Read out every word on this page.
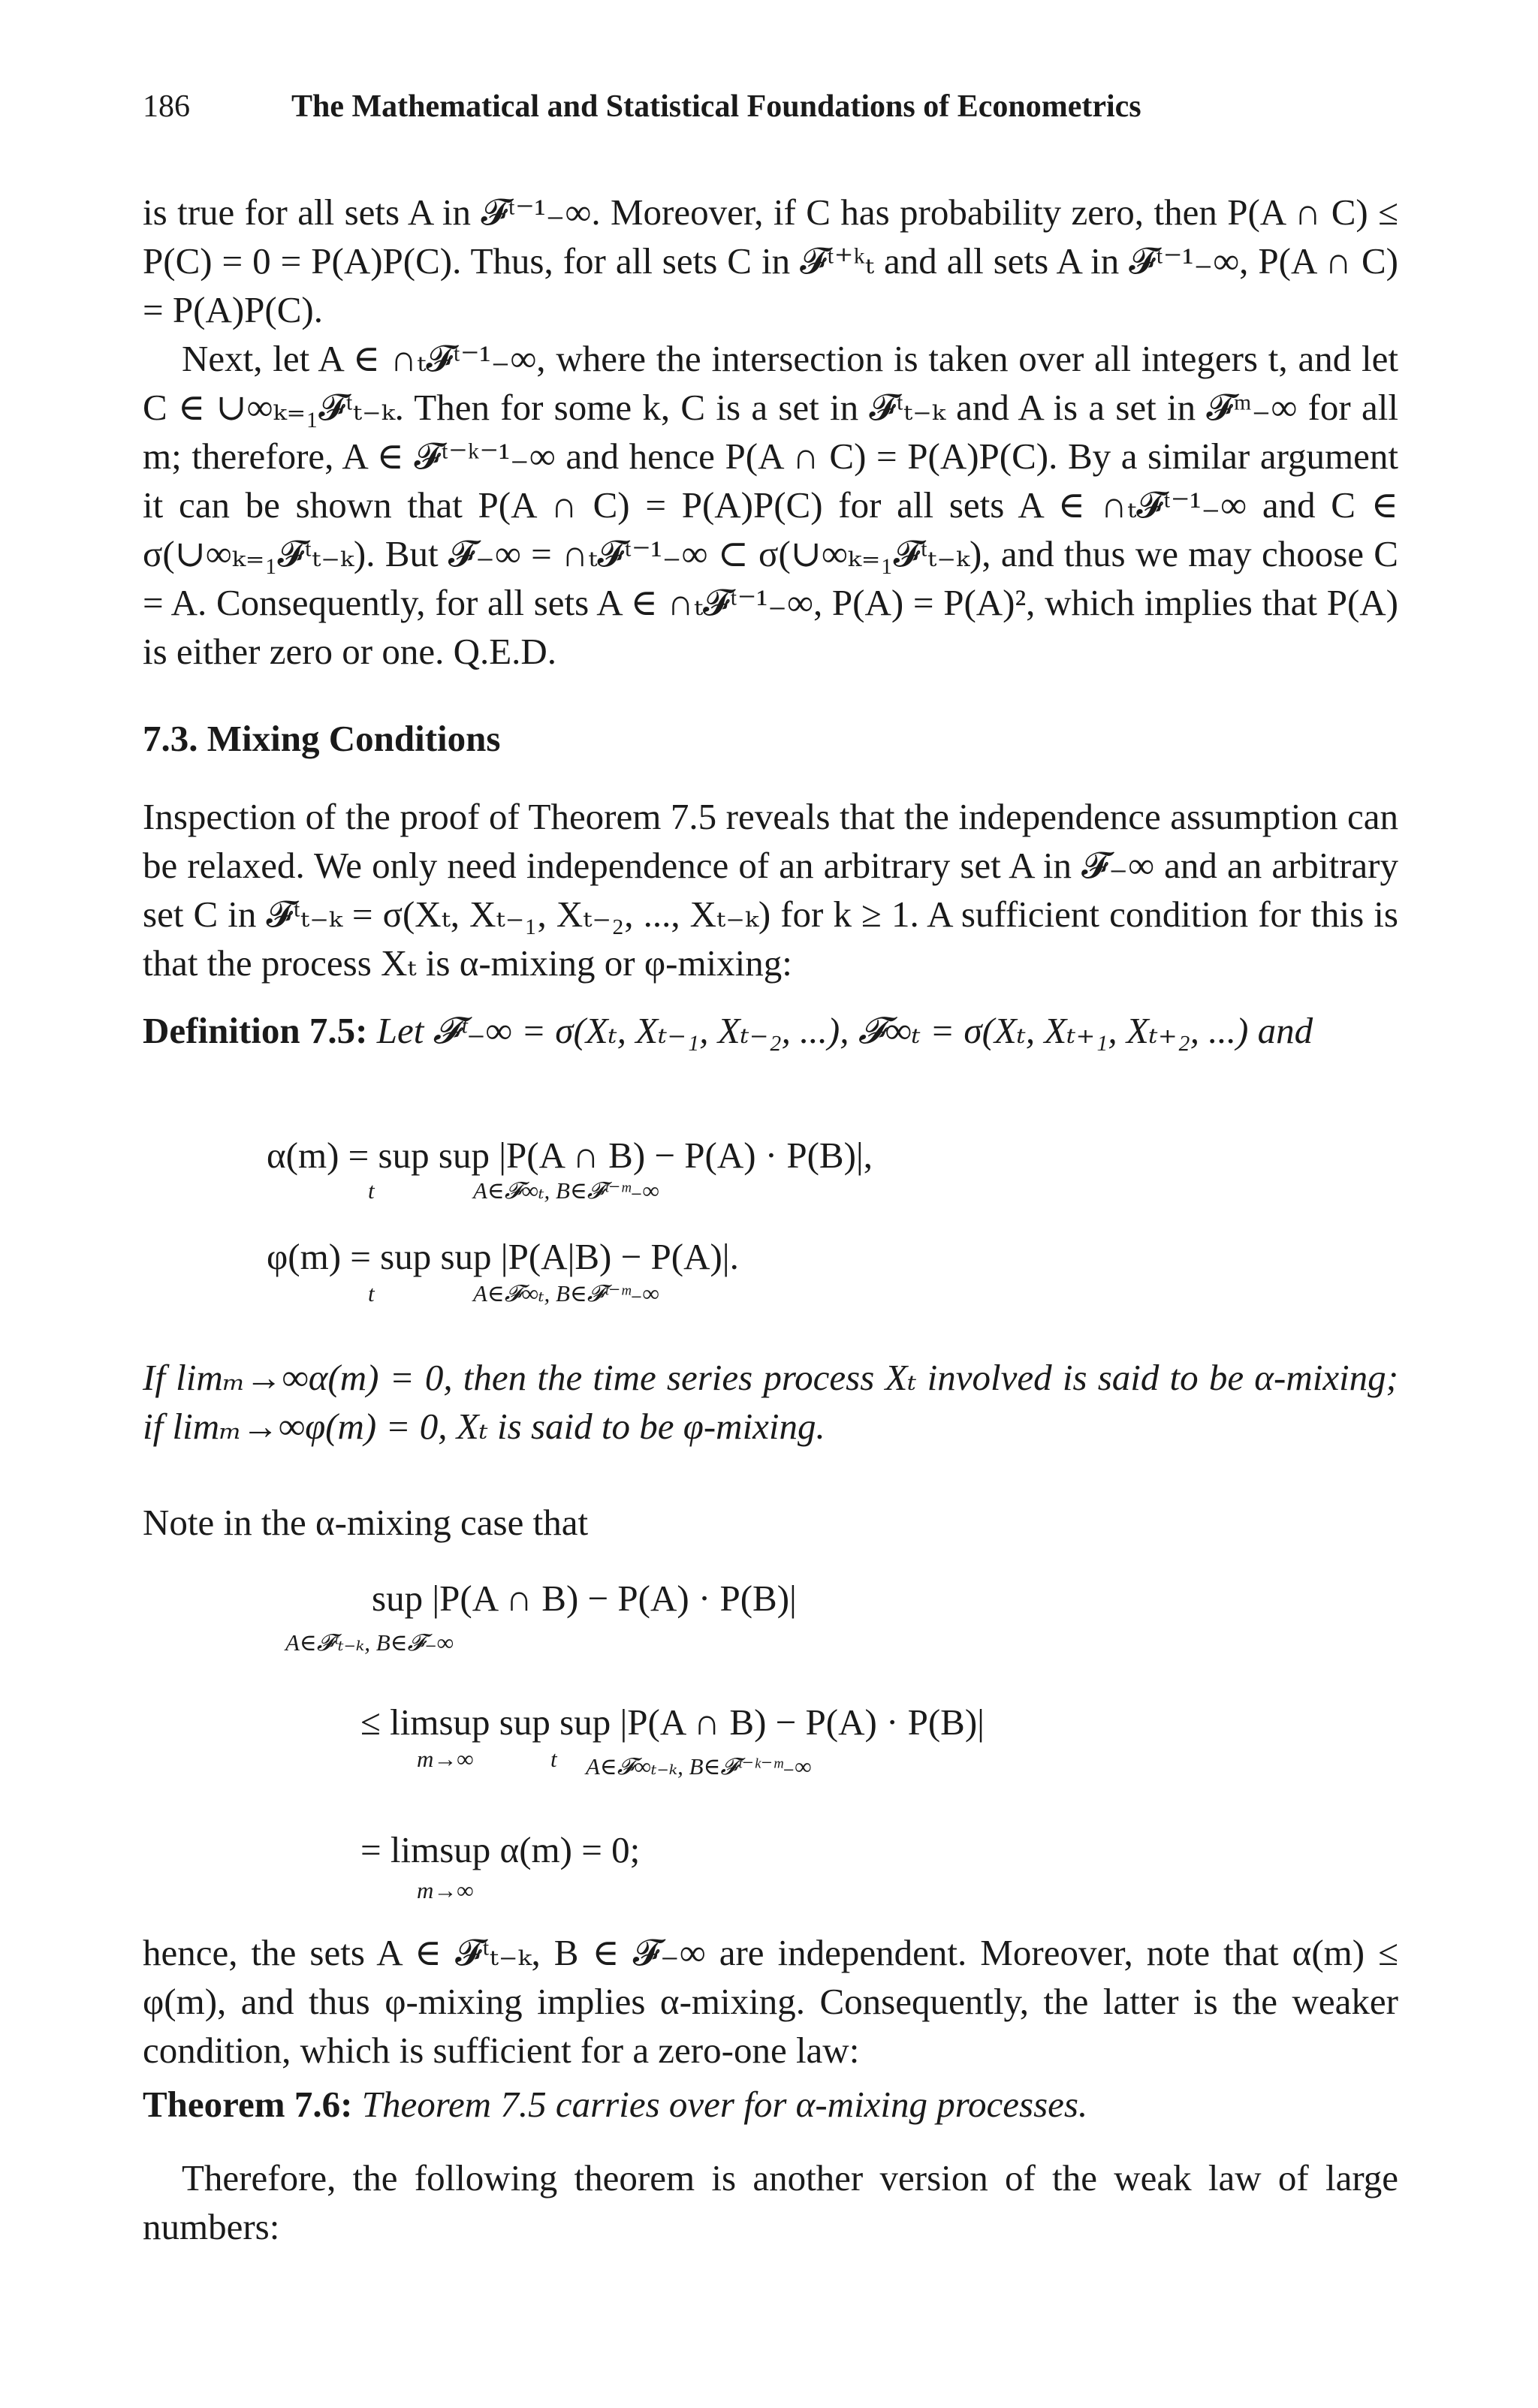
186	The Mathematical and Statistical Foundations of Econometrics

is true for all sets A in 𝓕ᵗ⁻¹₋∞. Moreover, if C has probability zero, then P(A ∩ C) ≤ P(C) = 0 = P(A)P(C). Thus, for all sets C in 𝓕ᵗ⁺ᵏₜ and all sets A in 𝓕ᵗ⁻¹₋∞, P(A ∩ C) = P(A)P(C).

Next, let A ∈ ∩ₜ𝓕ᵗ⁻¹₋∞, where the intersection is taken over all integers t, and let C ∈ ∪∞ₖ₌₁𝓕ᵗₜ₋ₖ. Then for some k, C is a set in 𝓕ᵗₜ₋ₖ and A is a set in 𝓕ᵐ₋∞ for all m; therefore, A ∈ 𝓕ᵗ⁻ᵏ⁻¹₋∞ and hence P(A ∩ C) = P(A)P(C). By a similar argument it can be shown that P(A ∩ C) = P(A)P(C) for all sets A ∈ ∩ₜ𝓕ᵗ⁻¹₋∞ and C ∈ σ(∪∞ₖ₌₁𝓕ᵗₜ₋ₖ). But 𝓕₋∞ = ∩ₜ𝓕ᵗ⁻¹₋∞ ⊂ σ(∪∞ₖ₌₁𝓕ᵗₜ₋ₖ), and thus we may choose C = A. Consequently, for all sets A ∈ ∩ₜ𝓕ᵗ⁻¹₋∞, P(A) = P(A)², which implies that P(A) is either zero or one. Q.E.D.

7.3. Mixing Conditions

Inspection of the proof of Theorem 7.5 reveals that the independence assumption can be relaxed. We only need independence of an arbitrary set A in 𝓕₋∞ and an arbitrary set C in 𝓕ᵗₜ₋ₖ = σ(Xₜ, Xₜ₋₁, Xₜ₋₂, ..., Xₜ₋ₖ) for k ≥ 1. A sufficient condition for this is that the process Xₜ is α-mixing or φ-mixing:

Definition 7.5: Let 𝓕ᵗ₋∞ = σ(Xₜ, Xₜ₋₁, Xₜ₋₂, ...), 𝓕∞ₜ = σ(Xₜ, Xₜ₊₁, Xₜ₊₂, ...) and
α(m) = sup sup |P(A ∩ B) − P(A) · P(B)|,
t	A∈𝓕∞ₜ, B∈𝓕ᵗ⁻ᵐ₋∞
φ(m) = sup sup |P(A|B) − P(A)|.
t	A∈𝓕∞ₜ, B∈𝓕ᵗ⁻ᵐ₋∞

If limₘ→∞α(m) = 0, then the time series process Xₜ involved is said to be α-mixing; if limₘ→∞φ(m) = 0, Xₜ is said to be φ-mixing.

Note in the α-mixing case that

sup |P(A ∩ B) − P(A) · P(B)|
A∈𝓕ᵗₜ₋ₖ, B∈𝓕₋∞
≤ limsup sup sup |P(A ∩ B) − P(A) · P(B)|
m→∞	t A∈𝓕∞ₜ₋ₖ, B∈𝓕ᵗ⁻ᵏ⁻ᵐ₋∞
= limsup α(m) = 0;
m→∞

hence, the sets A ∈ 𝓕ᵗₜ₋ₖ, B ∈ 𝓕₋∞ are independent. Moreover, note that α(m) ≤ φ(m), and thus φ-mixing implies α-mixing. Consequently, the latter is the weaker condition, which is sufficient for a zero-one law:

Theorem 7.6: Theorem 7.5 carries over for α-mixing processes.

Therefore, the following theorem is another version of the weak law of large numbers:
